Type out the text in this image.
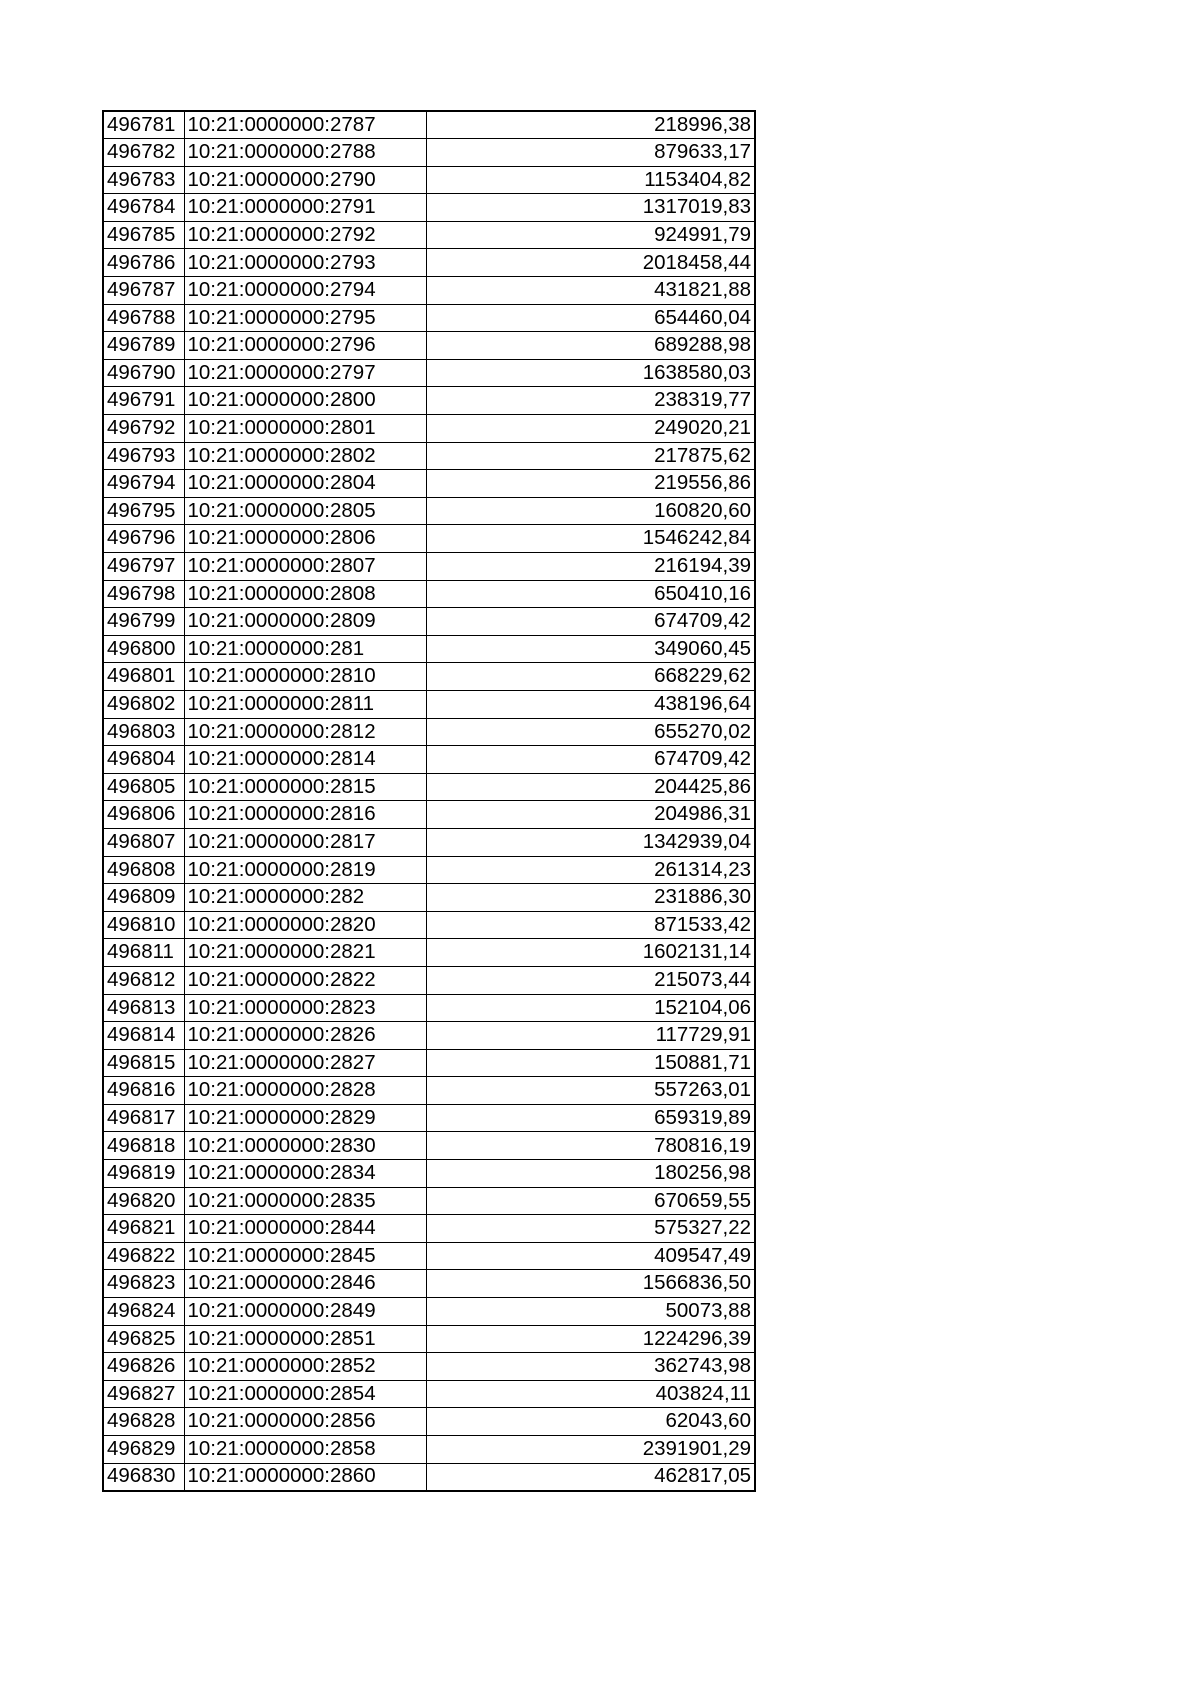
496781	10:21:0000000:2787	218996,38
496782	10:21:0000000:2788	879633,17
496783	10:21:0000000:2790	1153404,82
496784	10:21:0000000:2791	1317019,83
496785	10:21:0000000:2792	924991,79
496786	10:21:0000000:2793	2018458,44
496787	10:21:0000000:2794	431821,88
496788	10:21:0000000:2795	654460,04
496789	10:21:0000000:2796	689288,98
496790	10:21:0000000:2797	1638580,03
496791	10:21:0000000:2800	238319,77
496792	10:21:0000000:2801	249020,21
496793	10:21:0000000:2802	217875,62
496794	10:21:0000000:2804	219556,86
496795	10:21:0000000:2805	160820,60
496796	10:21:0000000:2806	1546242,84
496797	10:21:0000000:2807	216194,39
496798	10:21:0000000:2808	650410,16
496799	10:21:0000000:2809	674709,42
496800	10:21:0000000:281	349060,45
496801	10:21:0000000:2810	668229,62
496802	10:21:0000000:2811	438196,64
496803	10:21:0000000:2812	655270,02
496804	10:21:0000000:2814	674709,42
496805	10:21:0000000:2815	204425,86
496806	10:21:0000000:2816	204986,31
496807	10:21:0000000:2817	1342939,04
496808	10:21:0000000:2819	261314,23
496809	10:21:0000000:282	231886,30
496810	10:21:0000000:2820	871533,42
496811	10:21:0000000:2821	1602131,14
496812	10:21:0000000:2822	215073,44
496813	10:21:0000000:2823	152104,06
496814	10:21:0000000:2826	117729,91
496815	10:21:0000000:2827	150881,71
496816	10:21:0000000:2828	557263,01
496817	10:21:0000000:2829	659319,89
496818	10:21:0000000:2830	780816,19
496819	10:21:0000000:2834	180256,98
496820	10:21:0000000:2835	670659,55
496821	10:21:0000000:2844	575327,22
496822	10:21:0000000:2845	409547,49
496823	10:21:0000000:2846	1566836,50
496824	10:21:0000000:2849	50073,88
496825	10:21:0000000:2851	1224296,39
496826	10:21:0000000:2852	362743,98
496827	10:21:0000000:2854	403824,11
496828	10:21:0000000:2856	62043,60
496829	10:21:0000000:2858	2391901,29
496830	10:21:0000000:2860	462817,05
